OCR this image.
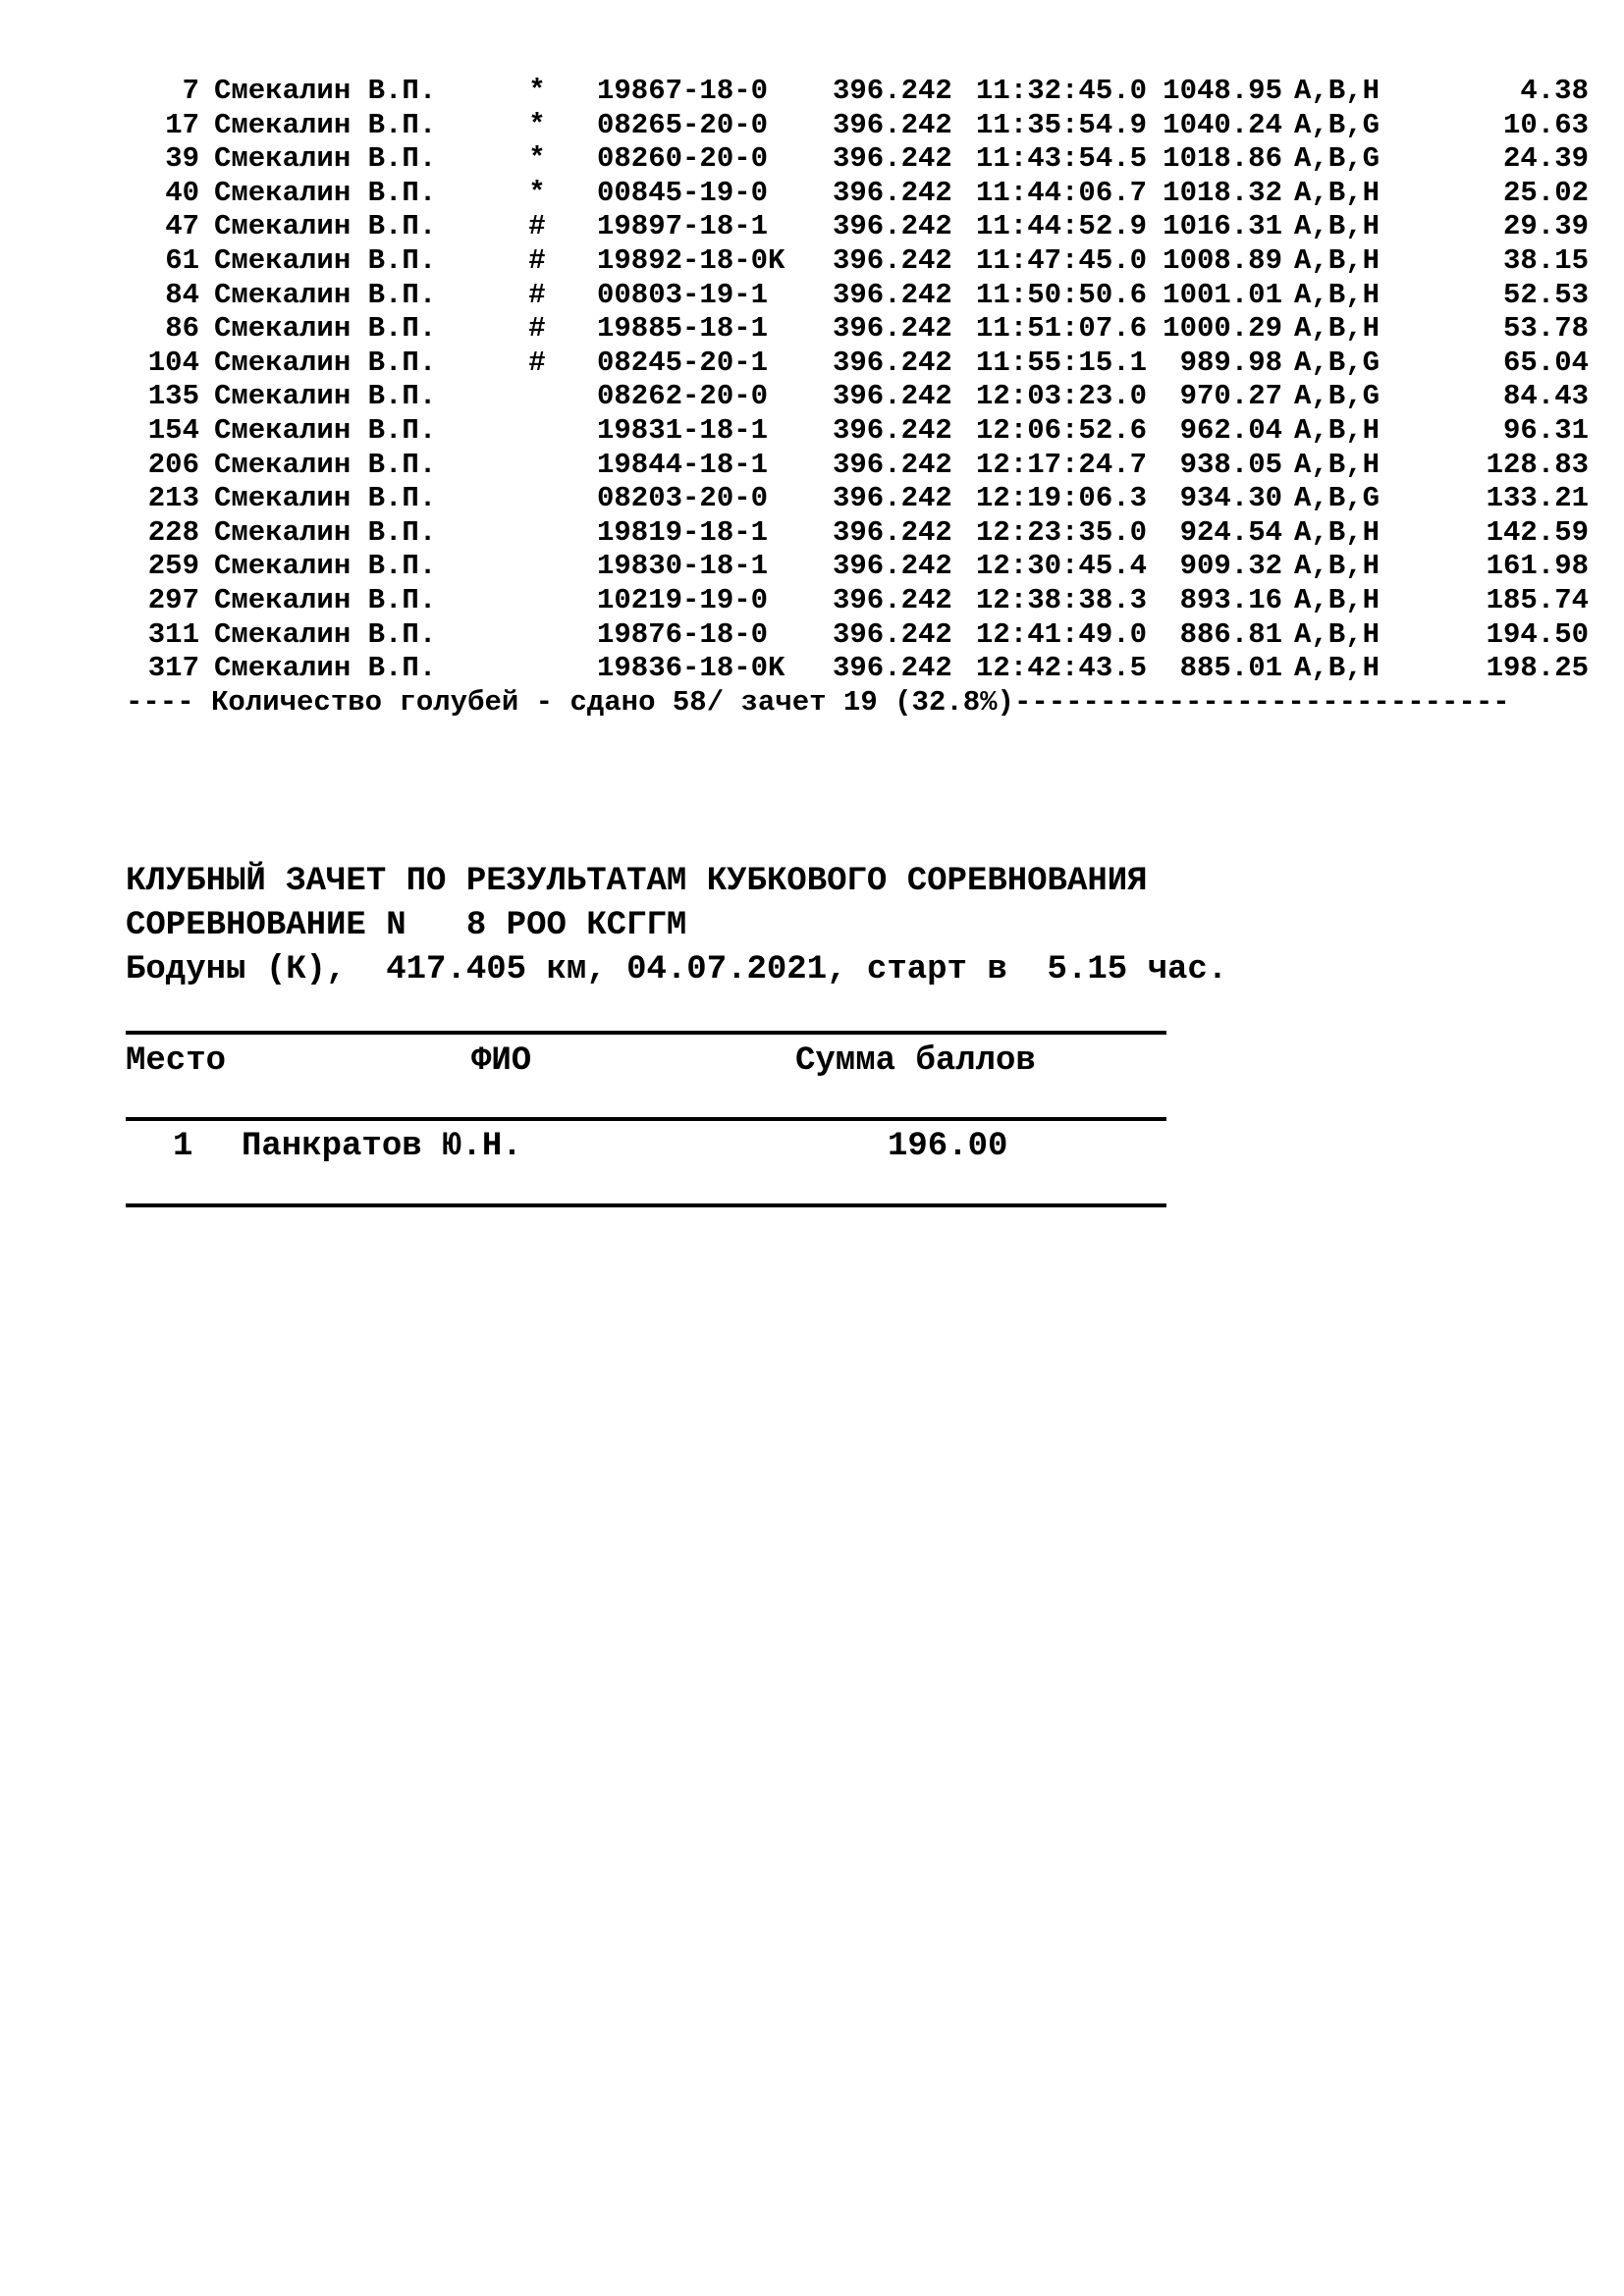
7 Смекалин В.П.	* 19867-18-0 396.242 11:32:45.0 1048.95 A,B,H	4.38
17 Смекалин В.П.	* 08265-20-0 396.242 11:35:54.9 1040.24 A,B,G	10.63
39 Смекалин В.П.	* 08260-20-0 396.242 11:43:54.5 1018.86 A,B,G	24.39
40 Смекалин В.П.	* 00845-19-0 396.242 11:44:06.7 1018.32 A,B,H	25.02
47 Смекалин В.П.	# 19897-18-1 396.242 11:44:52.9 1016.31 A,B,H	29.39
61 Смекалин В.П.	# 19892-18-0K 396.242 11:47:45.0 1008.89 A,B,H	38.15
84 Смекалин В.П.	# 00803-19-1 396.242 11:50:50.6 1001.01 A,B,H	52.53
86 Смекалин В.П.	# 19885-18-1 396.242 11:51:07.6 1000.29 A,B,H	53.78
104 Смекалин В.П.	# 08245-20-1 396.242 11:55:15.1	989.98 A,B,G	65.04
135 Смекалин В.П.	08262-20-0 396.242 12:03:23.0	970.27 A,B,G	84.43
154 Смекалин В.П.	19831-18-1 396.242 12:06:52.6	962.04 A,B,H	96.31
206 Смекалин В.П.	19844-18-1 396.242 12:17:24.7	938.05 A,B,H	128.83
213 Смекалин В.П.	08203-20-0 396.242 12:19:06.3	934.30 A,B,G	133.21
228 Смекалин В.П.	19819-18-1 396.242 12:23:35.0	924.54 A,B,H	142.59
259 Смекалин В.П.	19830-18-1 396.242 12:30:45.4	909.32 A,B,H	161.98
297 Смекалин В.П.	10219-19-0 396.242 12:38:38.3	893.16 A,B,H	185.74
311 Смекалин В.П.	19876-18-0 396.242 12:41:49.0	886.81 A,B,H	194.50
317 Смекалин В.П.	19836-18-0K 396.242 12:42:43.5	885.01 A,B,H	198.25
---- Количество голубей - сдано 58/ зачет 19 (32.8%)-----------------------------
КЛУБНЫЙ ЗАЧЕТ ПО РЕЗУЛЬТАТАМ КУБКОВОГО СОРЕВНОВАНИЯ
СОРЕВНОВАНИЕ N   8 РОО КСГГМ
Бодуны (К),  417.405 км, 04.07.2021, старт в  5.15 час.
Место	ФИО	Сумма баллов
1 Панкратов Ю.Н.	196.00
